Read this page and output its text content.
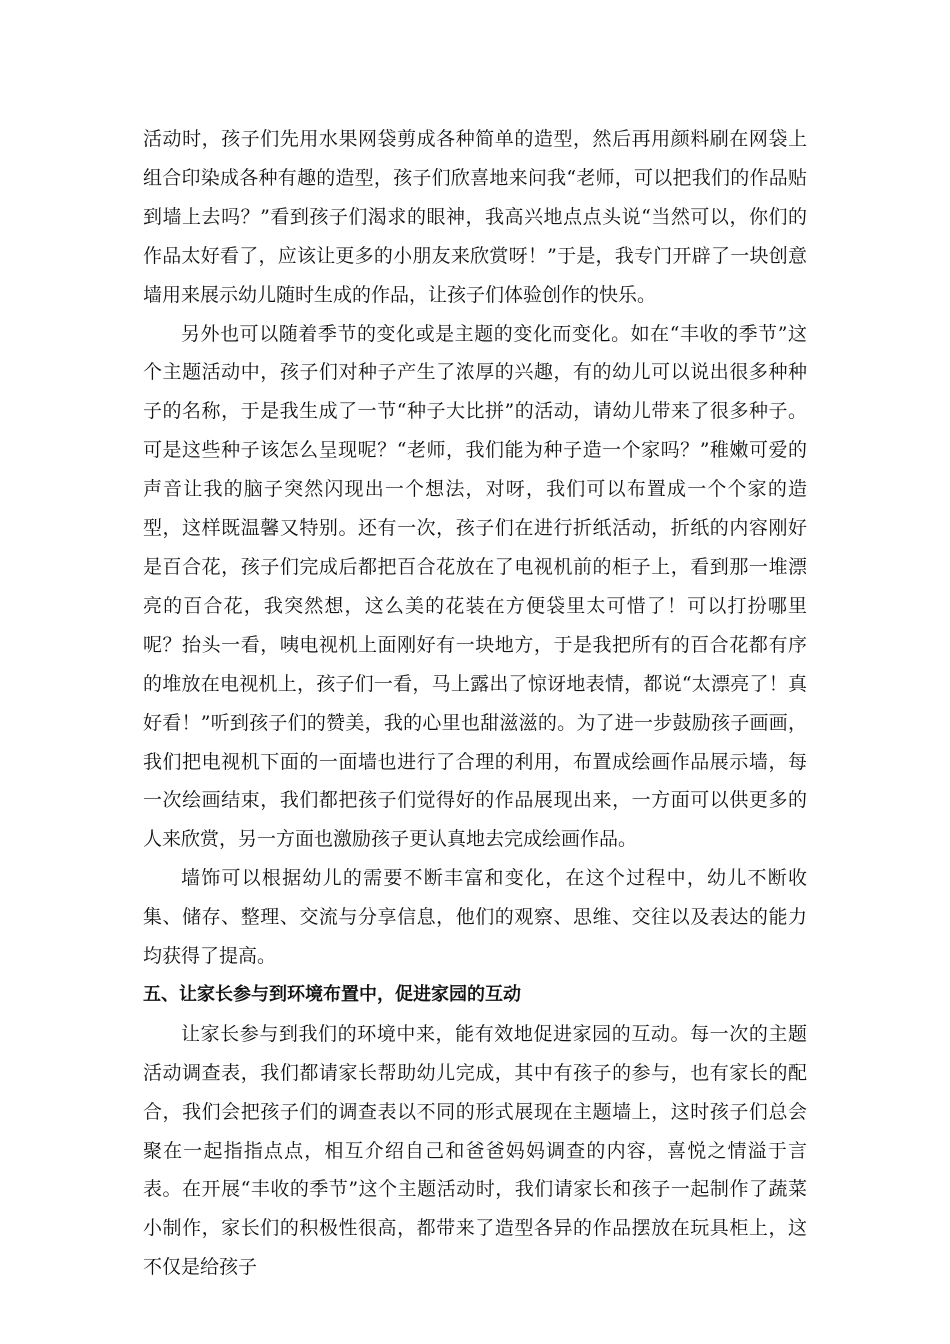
活动时，孩子们先用水果网袋剪成各种简单的造型，然后再用颜料刷在网袋上组合印染成各种有趣的造型，孩子们欣喜地来问我“老师，可以把我们的作品贴到墙上去吗？”看到孩子们渴求的眼神，我高兴地点点头说“当然可以，你们的作品太好看了，应该让更多的小朋友来欣赏呀！”于是，我专门开辟了一块创意墙用来展示幼儿随时生成的作品，让孩子们体验创作的快乐。

另外也可以随着季节的变化或是主题的变化而变化。如在“丰收的季节”这个主题活动中，孩子们对种子产生了浓厚的兴趣，有的幼儿可以说出很多种种子的名称，于是我生成了一节“种子大比拼”的活动，请幼儿带来了很多种子。可是这些种子该怎么呈现呢？“老师，我们能为种子造一个家吗？”稚嫩可爱的声音让我的脑子突然闪现出一个想法，对呀，我们可以布置成一个个家的造型，这样既温馨又特别。还有一次，孩子们在进行折纸活动，折纸的内容刚好是百合花，孩子们完成后都把百合花放在了电视机前的柜子上，看到那一堆漂亮的百合花，我突然想，这么美的花装在方便袋里太可惜了！可以打扮哪里呢？抬头一看，咦电视机上面刚好有一块地方，于是我把所有的百合花都有序的堆放在电视机上，孩子们一看，马上露出了惊讶地表情，都说“太漂亮了！真好看！”听到孩子们的赞美，我的心里也甜滋滋的。为了进一步鼓励孩子画画，我们把电视机下面的一面墙也进行了合理的利用，布置成绘画作品展示墙，每一次绘画结束，我们都把孩子们觉得好的作品展现出来，一方面可以供更多的人来欣赏，另一方面也激励孩子更认真地去完成绘画作品。

墙饰可以根据幼儿的需要不断丰富和变化，在这个过程中，幼儿不断收集、储存、整理、交流与分享信息，他们的观察、思维、交往以及表达的能力均获得了提高。

五、让家长参与到环境布置中，促进家园的互动

让家长参与到我们的环境中来，能有效地促进家园的互动。每一次的主题活动调查表，我们都请家长帮助幼儿完成，其中有孩子的参与，也有家长的配合，我们会把孩子们的调查表以不同的形式展现在主题墙上，这时孩子们总会聚在一起指指点点，相互介绍自己和爸爸妈妈调查的内容，喜悦之情溢于言表。在开展“丰收的季节”这个主题活动时，我们请家长和孩子一起制作了蔬菜小制作，家长们的积极性很高，都带来了造型各异的作品摆放在玩具柜上，这不仅是给孩子
